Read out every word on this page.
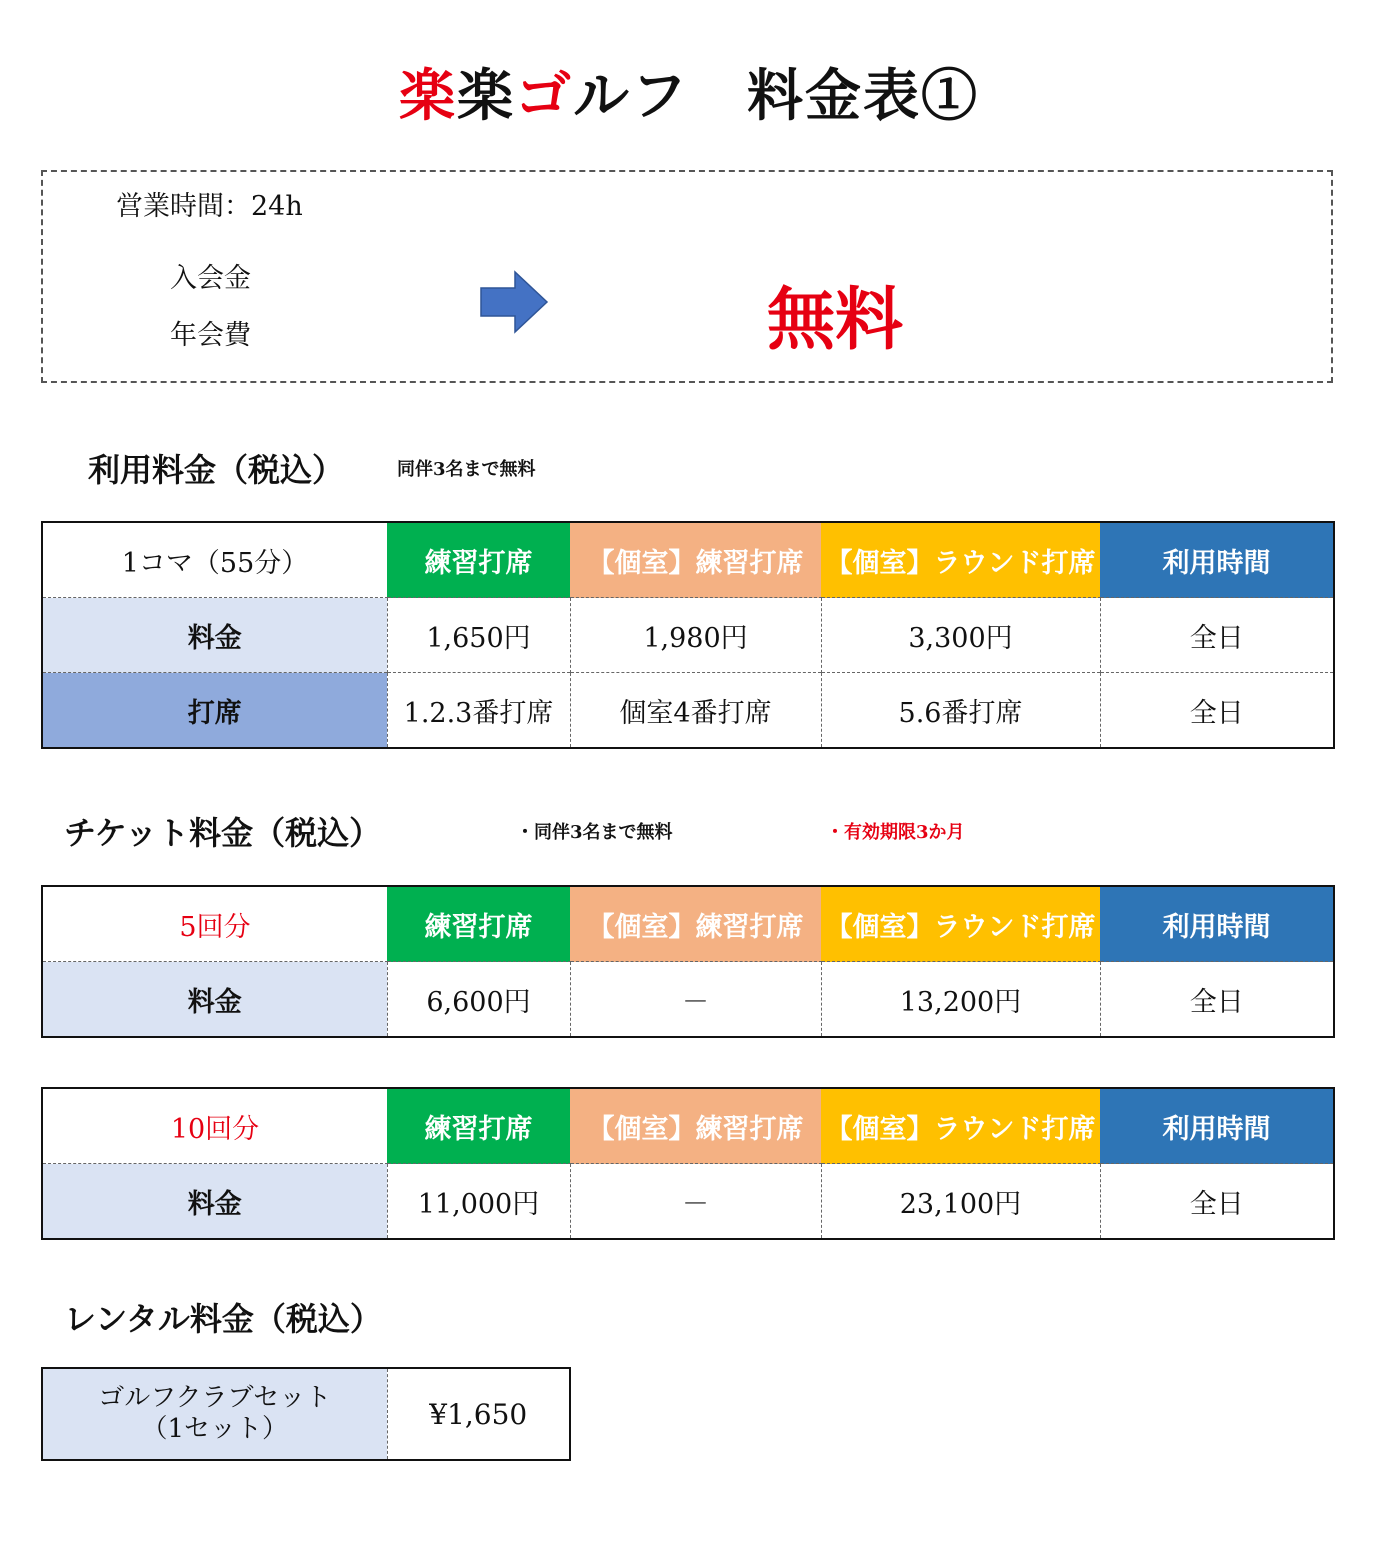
楽楽ゴルフ　料金表①
営業時間：24h
入会金
年会費	無料
利用料金（税込）	同伴3名まで無料
1コマ（55分）	練習打席	【個室】練習打席	【個室】ラウンド打席	利用時間
料金	1,650円	1,980円	3,300円	全日
打席	1.2.3番打席	個室4番打席	5.6番打席	全日
チケット料金（税込）	・同伴3名まで無料	・有効期限3か月
5回分	練習打席	【個室】練習打席	【個室】ラウンド打席	利用時間
料金	6,600円	－	13,200円	全日
10回分	練習打席	【個室】練習打席	【個室】ラウンド打席	利用時間
料金	11,000円	－	23,100円	全日
レンタル料金（税込）
ゴルフクラブセット
（1セット）	¥1,650
